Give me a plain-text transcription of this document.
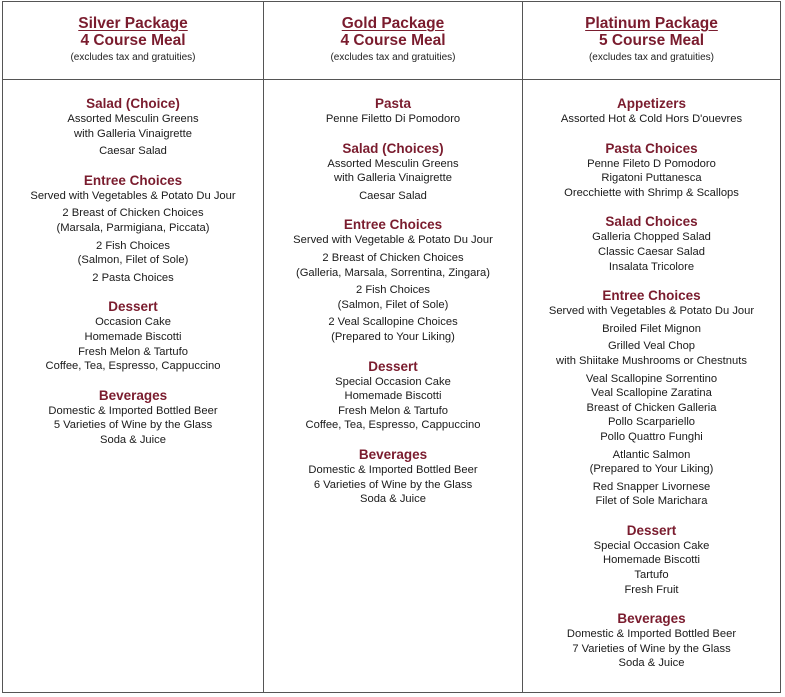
Silver Package
4 Course Meal
(excludes tax and gratuities)
Salad (Choice)
Assorted Mesculin Greens
with Galleria Vinaigrette
Caesar Salad
Entree Choices
Served with Vegetables & Potato Du Jour
2 Breast of Chicken Choices
(Marsala, Parmigiana, Piccata)
2 Fish Choices
(Salmon, Filet of Sole)
2 Pasta Choices
Dessert
Occasion Cake
Homemade Biscotti
Fresh Melon & Tartufo
Coffee, Tea, Espresso, Cappuccino
Beverages
Domestic & Imported Bottled Beer
5 Varieties of Wine by the Glass
Soda & Juice
Gold Package
4 Course Meal
(excludes tax and gratuities)
Pasta
Penne Filetto Di Pomodoro
Salad (Choices)
Assorted Mesculin Greens
with Galleria Vinaigrette
Caesar Salad
Entree Choices
Served with Vegetable & Potato Du Jour
2 Breast of Chicken Choices
(Galleria, Marsala, Sorrentina, Zingara)
2 Fish Choices
(Salmon, Filet of Sole)
2 Veal Scallopine Choices
(Prepared to Your Liking)
Dessert
Special Occasion Cake
Homemade Biscotti
Fresh Melon & Tartufo
Coffee, Tea, Espresso, Cappuccino
Beverages
Domestic & Imported Bottled Beer
6 Varieties of Wine by the Glass
Soda & Juice
Platinum Package
5 Course Meal
(excludes tax and gratuities)
Appetizers
Assorted Hot & Cold Hors D'ouevres
Pasta Choices
Penne Fileto D Pomodoro
Rigatoni Puttanesca
Orecchiette with Shrimp & Scallops
Salad Choices
Galleria Chopped Salad
Classic Caesar Salad
Insalata Tricolore
Entree Choices
Served with Vegetables & Potato Du Jour
Broiled Filet Mignon
Grilled Veal Chop
with Shiitake Mushrooms or Chestnuts
Veal Scallopine Sorrentino
Veal Scallopine Zaratina
Breast of Chicken Galleria
Pollo Scarpariello
Pollo Quattro Funghi
Atlantic Salmon
(Prepared to Your Liking)
Red Snapper Livornese
Filet of Sole Marichara
Dessert
Special Occasion Cake
Homemade Biscotti
Tartufo
Fresh Fruit
Beverages
Domestic & Imported Bottled Beer
7 Varieties of Wine by the Glass
Soda & Juice
